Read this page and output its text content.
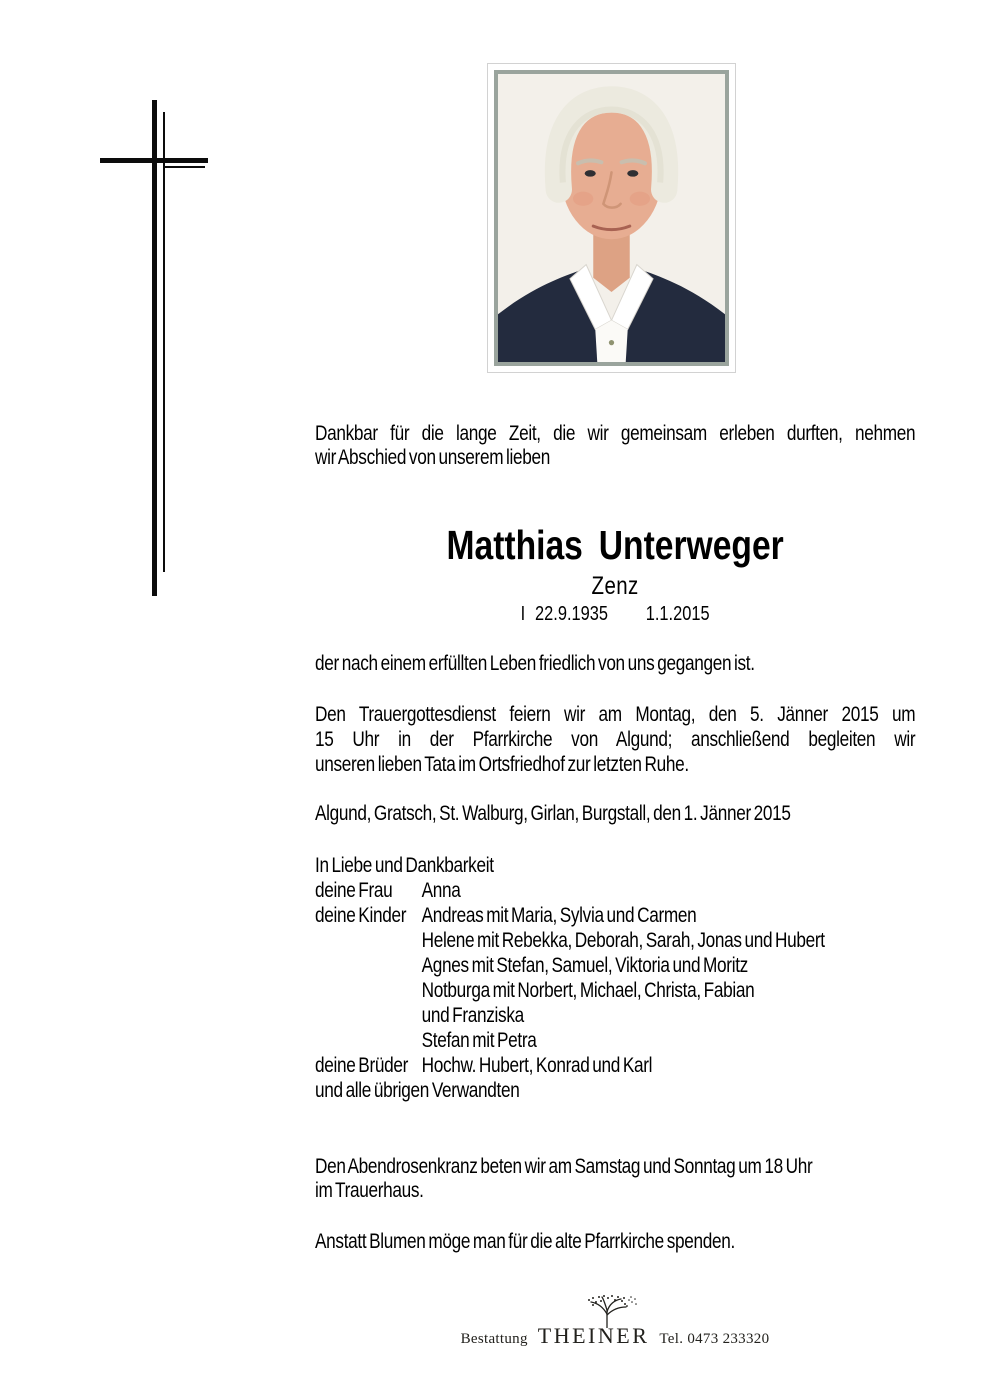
Dankbar für die lange Zeit, die wir gemeinsam erleben durften, nehmen
wir Abschied von unserem lieben
Matthias Unterweger
Zenz
I 22.9.1935 1.1.2015
der nach einem erfüllten Leben friedlich von uns gegangen ist.
Den Trauergottesdienst feiern wir am Montag, den 5. Jänner 2015 um
15 Uhr in der Pfarrkirche von Algund; anschließend begleiten wir
unseren lieben Tata im Ortsfriedhof zur letzten Ruhe.
Algund, Gratsch, St. Walburg, Girlan, Burgstall, den 1. Jänner 2015
In Liebe und Dankbarkeit
deine Frau Anna
deine Kinder Andreas mit Maria, Sylvia und Carmen
Helene mit Rebekka, Deborah, Sarah, Jonas und Hubert
Agnes mit Stefan, Samuel, Viktoria und Moritz
Notburga mit Norbert, Michael, Christa, Fabian
und Franziska
Stefan mit Petra
deine Brüder Hochw. Hubert, Konrad und Karl
und alle übrigen Verwandten
Den Abendrosenkranz beten wir am Samstag und Sonntag um 18 Uhr
im Trauerhaus.
Anstatt Blumen möge man für die alte Pfarrkirche spenden.
Bestattung THEINER Tel. 0473 233320
